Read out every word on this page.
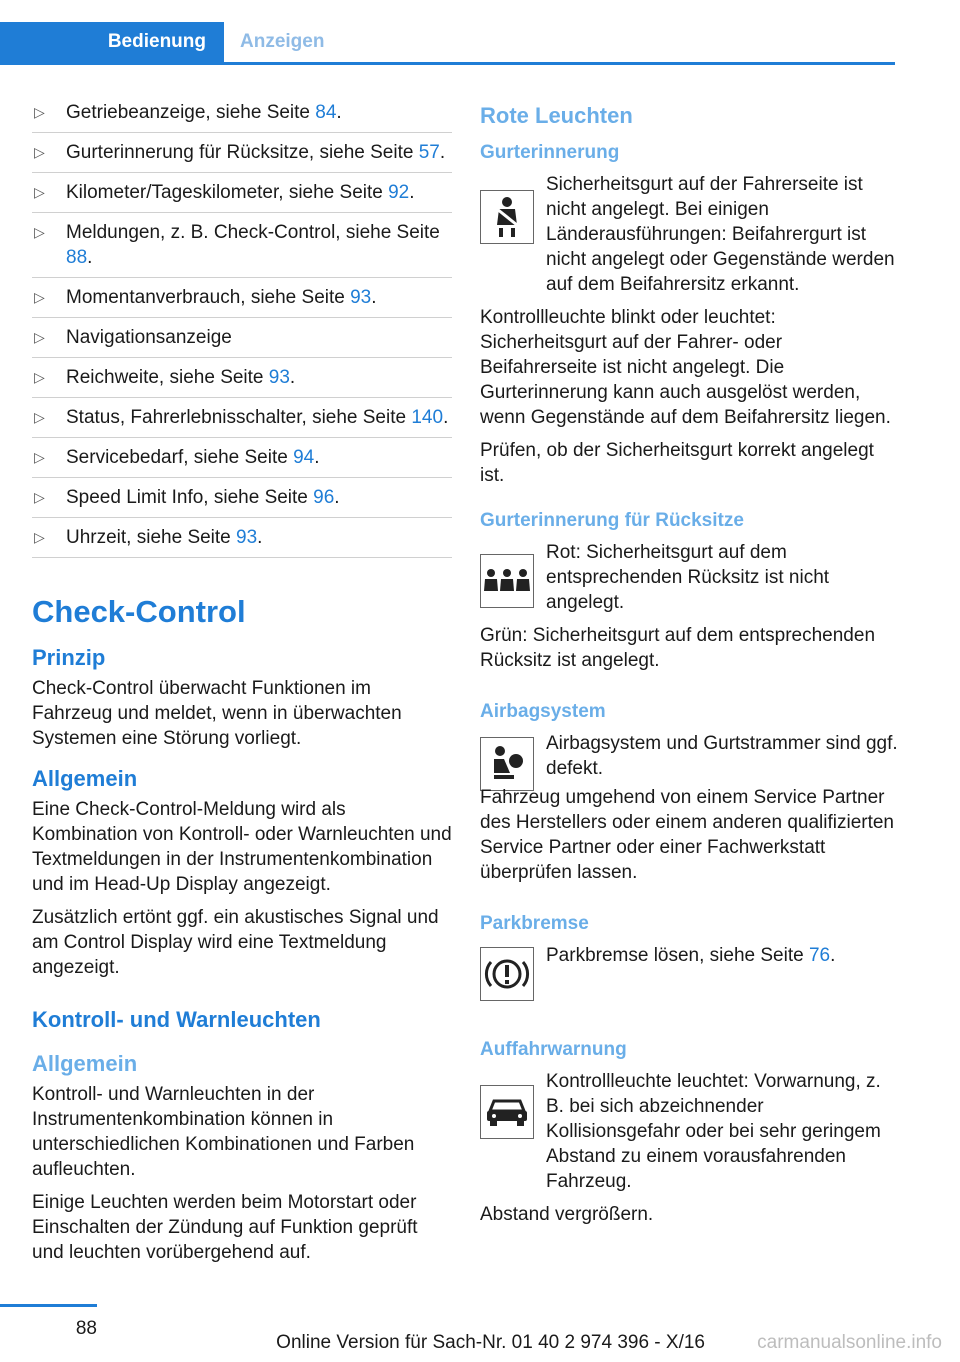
Bedienung	Anzeigen
▷ Getriebeanzeige, siehe Seite 84.
▷ Gurterinnerung für Rücksitze, siehe Seite 57.
▷ Kilometer/Tageskilometer, siehe Seite 92.
▷ Meldungen, z. B. Check-Control, siehe Seite 88.
▷ Momentanverbrauch, siehe Seite 93.
▷ Navigationsanzeige
▷ Reichweite, siehe Seite 93.
▷ Status, Fahrerlebnisschalter, siehe Seite 140.
▷ Servicebedarf, siehe Seite 94.
▷ Speed Limit Info, siehe Seite 96.
▷ Uhrzeit, siehe Seite 93.
Check-Control
Prinzip

Check-Control überwacht Funktionen im Fahrzeug und meldet, wenn in überwachten Systemen eine Störung vorliegt.

Allgemein

Eine Check-Control-Meldung wird als Kombination von Kontroll- oder Warnleuchten und Textmeldungen in der Instrumentenkombination und im Head-Up Display angezeigt.

Zusätzlich ertönt ggf. ein akustisches Signal und am Control Display wird eine Textmeldung angezeigt.

Kontroll- und Warnleuchten
Allgemein

Kontroll- und Warnleuchten in der Instrumentenkombination können in unterschiedlichen Kombinationen und Farben aufleuchten.

Einige Leuchten werden beim Motorstart oder Einschalten der Zündung auf Funktion geprüft und leuchten vorübergehend auf.

Rote Leuchten
Gurterinnerung

Sicherheitsgurt auf der Fahrerseite ist nicht angelegt. Bei einigen Länderausführungen: Beifahrergurt ist nicht angelegt oder Gegenstände werden auf dem Beifahrersitz erkannt.

Kontrollleuchte blinkt oder leuchtet: Sicherheitsgurt auf der Fahrer- oder Beifahrerseite ist nicht angelegt. Die Gurterinnerung kann auch ausgelöst werden, wenn Gegenstände auf dem Beifahrersitz liegen.

Prüfen, ob der Sicherheitsgurt korrekt angelegt ist.

Gurterinnerung für Rücksitze

Rot: Sicherheitsgurt auf dem entsprechenden Rücksitz ist nicht angelegt.

Grün: Sicherheitsgurt auf dem entsprechenden Rücksitz ist angelegt.

Airbagsystem

Airbagsystem und Gurtstrammer sind ggf. defekt.

Fahrzeug umgehend von einem Service Partner des Herstellers oder einem anderen qualifizierten Service Partner oder einer Fachwerkstatt überprüfen lassen.

Parkbremse

Parkbremse lösen, siehe Seite 76.

Auffahrwarnung

Kontrollleuchte leuchtet: Vorwarnung, z. B. bei sich abzeichnender Kollisionsgefahr oder bei sehr geringem Abstand zu einem vorausfahrenden Fahrzeug.

Abstand vergrößern.

88
Online Version für Sach-Nr. 01 40 2 974 396 - X/16	carmanualsonline.info
